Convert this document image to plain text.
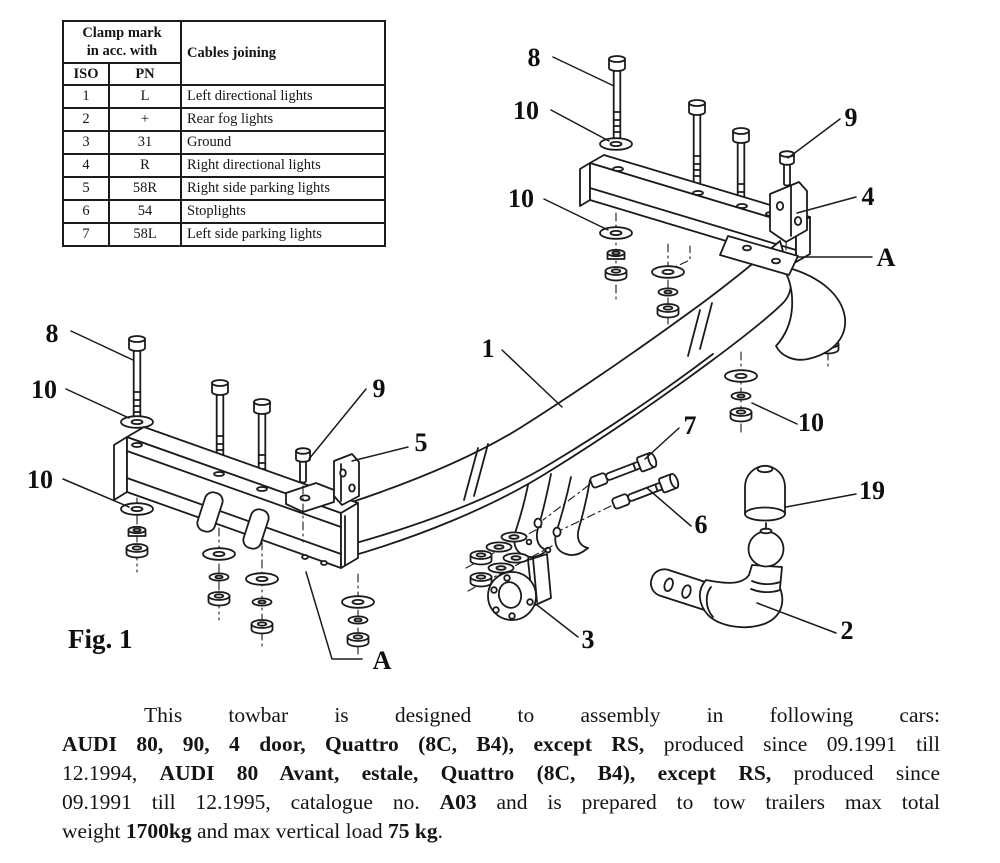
Clamp mark
in acc. with		Cables joining
ISO	PN	
1	L	Left directional lights
2	+	Rear fog lights
3	31	Ground
4	R	Right directional lights
5	58R	Right side parking lights
6	54	Stoplights
7	58L	Left side parking lights
8
10
10
9
4
A
8
10
10
9
5
1
7	10
6
19
2
3
A
Fig. 1
This towbar is designed to assembly in following cars:
AUDI 80, 90, 4 door, Quattro (8C, B4), except RS, produced since 09.1991 till
12.1994, AUDI 80 Avant, estale, Quattro (8C, B4), except RS, produced since
09.1991 till 12.1995, catalogue no. A03 and is prepared to tow trailers max total
weight 1700kg and max vertical load 75 kg.
